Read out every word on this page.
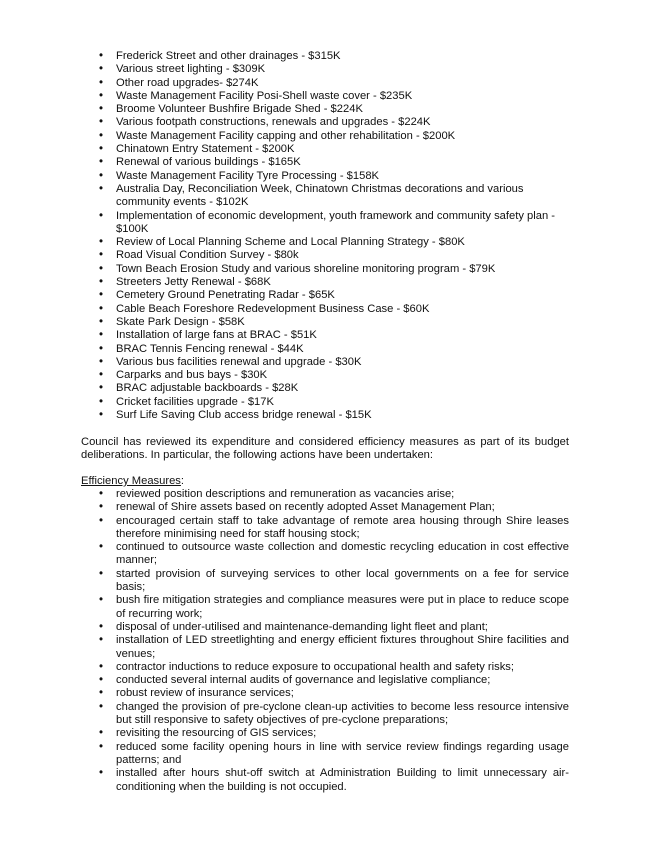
• Frederick Street and other drainages - $315K
• Various street lighting - $309K
• Other road upgrades- $274K
• Waste Management Facility Posi-Shell waste cover - $235K
• Broome Volunteer Bushfire Brigade Shed - $224K
• Various footpath constructions, renewals and upgrades - $224K
• Waste Management Facility capping and other rehabilitation - $200K
• Chinatown Entry Statement - $200K
• Renewal of various buildings - $165K
• Waste Management Facility Tyre Processing - $158K
• Australia Day, Reconciliation Week, Chinatown Christmas decorations and various community events - $102K
• Implementation of economic development, youth framework and community safety plan - $100K
• Review of Local Planning Scheme and Local Planning Strategy - $80K
• Road Visual Condition Survey - $80k
• Town Beach Erosion Study and various shoreline monitoring program - $79K
• Streeters Jetty Renewal - $68K
• Cemetery Ground Penetrating Radar - $65K
• Cable Beach Foreshore Redevelopment Business Case - $60K
• Skate Park Design - $58K
• Installation of large fans at BRAC - $51K
• BRAC Tennis Fencing renewal - $44K
• Various bus facilities renewal and upgrade - $30K
• Carparks and bus bays - $30K
• BRAC adjustable backboards - $28K
• Cricket facilities upgrade - $17K
• Surf Life Saving Club access bridge renewal - $15K

Council has reviewed its expenditure and considered efficiency measures as part of its budget deliberations. In particular, the following actions have been undertaken:

Efficiency Measures:
• reviewed position descriptions and remuneration as vacancies arise;
• renewal of Shire assets based on recently adopted Asset Management Plan;
• encouraged certain staff to take advantage of remote area housing through Shire leases therefore minimising need for staff housing stock;
• continued to outsource waste collection and domestic recycling education in cost effective manner;
• started provision of surveying services to other local governments on a fee for service basis;
• bush fire mitigation strategies and compliance measures were put in place to reduce scope of recurring work;
• disposal of under-utilised and maintenance-demanding light fleet and plant;
• installation of LED streetlighting and energy efficient fixtures throughout Shire facilities and venues;
• contractor inductions to reduce exposure to occupational health and safety risks;
• conducted several internal audits of governance and legislative compliance;
• robust review of insurance services;
• changed the provision of pre-cyclone clean-up activities to become less resource intensive but still responsive to safety objectives of pre-cyclone preparations;
• revisiting the resourcing of GIS services;
• reduced some facility opening hours in line with service review findings regarding usage patterns; and
• installed after hours shut-off switch at Administration Building to limit unnecessary air-conditioning when the building is not occupied.
